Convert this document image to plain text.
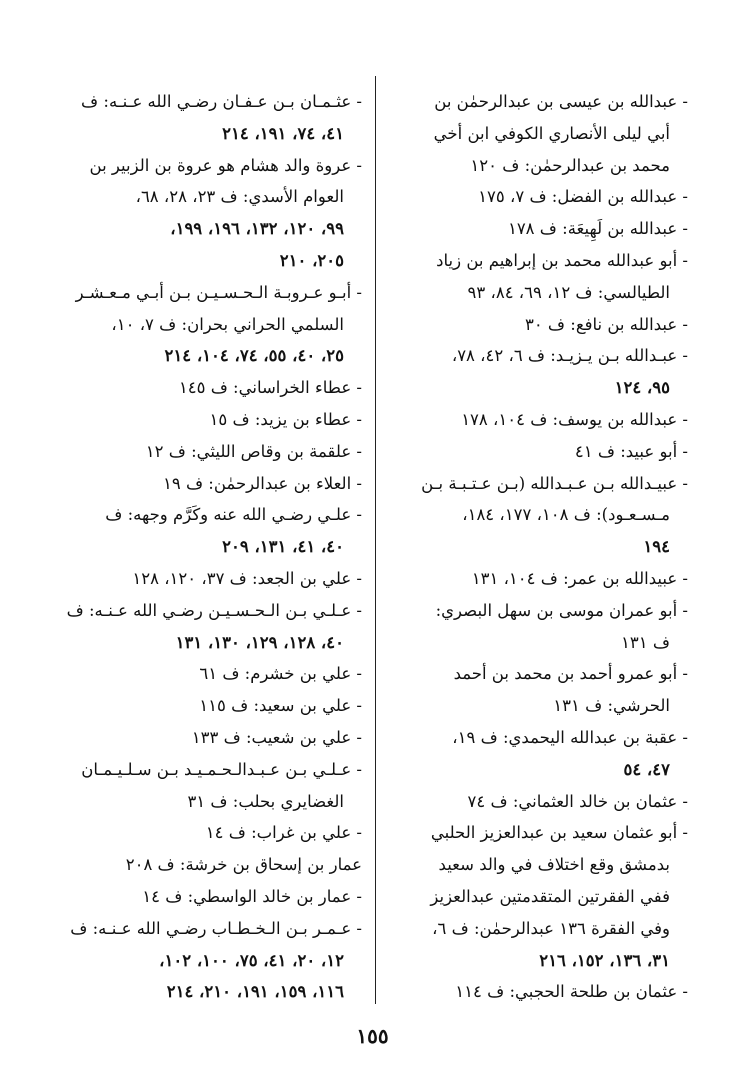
- عبدالله بن عيسى بن عبدالرحمٰن بن
أبي ليلى الأنصاري الكوفي ابن أخي
محمد بن عبدالرحمٰن: ف ١٢٠
- عبدالله بن الفضل: ف ٧، ١٧٥
- عبدالله بن لَهِيعَة: ف ١٧٨
- أبو عبدالله محمد بن إبراهيم بن زياد
الطيالسي: ف ١٢، ٦٩، ٨٤، ٩٣
- عبدالله بن نافع: ف ٣٠
- عبـدالله بـن يـزيـد: ف ٦، ٤٢، ٧٨،
٩٥، ١٢٤
- عبدالله بن يوسف: ف ١٠٤، ١٧٨
- أبو عبيد: ف ٤١
- عبيـدالله بـن عـبـدالله (بـن عـتـبـة بـن
مـسـعـود): ف ١٠٨، ١٧٧، ١٨٤،
١٩٤
- عبيدالله بن عمر: ف ١٠٤، ١٣١
- أبو عمران موسى بن سهل البصري:
ف ١٣١
- أبو عمرو أحمد بن محمد بن أحمد
الحرشي: ف ١٣١
- عقبة بن عبدالله اليحمدي: ف ١٩،
٤٧، ٥٤
- عثمان بن خالد العثماني: ف ٧٤
- أبو عثمان سعيد بن عبدالعزيز الحلبي
بدمشق وقع اختلاف في والد سعيد
ففي الفقرتين المتقدمتين عبدالعزيز
وفي الفقرة ١٣٦ عبدالرحمٰن: ف ٦،
٣١، ١٣٦، ١٥٢، ٢١٦
- عثمان بن طلحة الحجبي: ف ١١٤
- عثـمـان بـن عـفـان رضـي الله عـنـه: ف
٤١، ٧٤، ١٩١، ٢١٤
- عروة والد هشام هو عروة بن الزبير بن
العوام الأسدي: ف ٢٣، ٢٨، ٦٨،
٩٩، ١٢٠، ١٣٢، ١٩٦، ١٩٩،
٢٠٥، ٢١٠
- أبـو عـروبـة الـحـسـيـن بـن أبـي مـعـشـر
السلمي الحراني بحران: ف ٧، ١٠،
٢٥، ٤٠، ٥٥، ٧٤، ١٠٤، ٢١٤
- عطاء الخراساني: ف ١٤٥
- عطاء بن يزيد: ف ١٥
- علقمة بن وقاص الليثي: ف ١٢
- العلاء بن عبدالرحمٰن: ف ١٩
- علـي رضـي الله عنه وكَرَّم وجهه: ف
٤٠، ٤١، ١٣١، ٢٠٩
- علي بن الجعد: ف ٣٧، ١٢٠، ١٢٨
- عـلـي بـن الـحـسـيـن رضـي الله عـنـه: ف
٤٠، ١٢٨، ١٢٩، ١٣٠، ١٣١
- علي بن خشرم: ف ٦١
- علي بن سعيد: ف ١١٥
- علي بن شعيب: ف ١٣٣
- عـلـي بـن عـبـدالـحـمـيـد بـن سـلـيـمـان
الغضايري بحلب: ف ٣١
- علي بن غراب: ف ١٤
عمار بن إسحاق بن خرشة: ف ٢٠٨
- عمار بن خالد الواسطي: ف ١٤
- عـمـر بـن الـخـطـاب رضـي الله عـنـه: ف
١٢، ٢٠، ٤١، ٧٥، ١٠٠، ١٠٢،
١١٦، ١٥٩، ١٩١، ٢١٠، ٢١٤
١٥٥
